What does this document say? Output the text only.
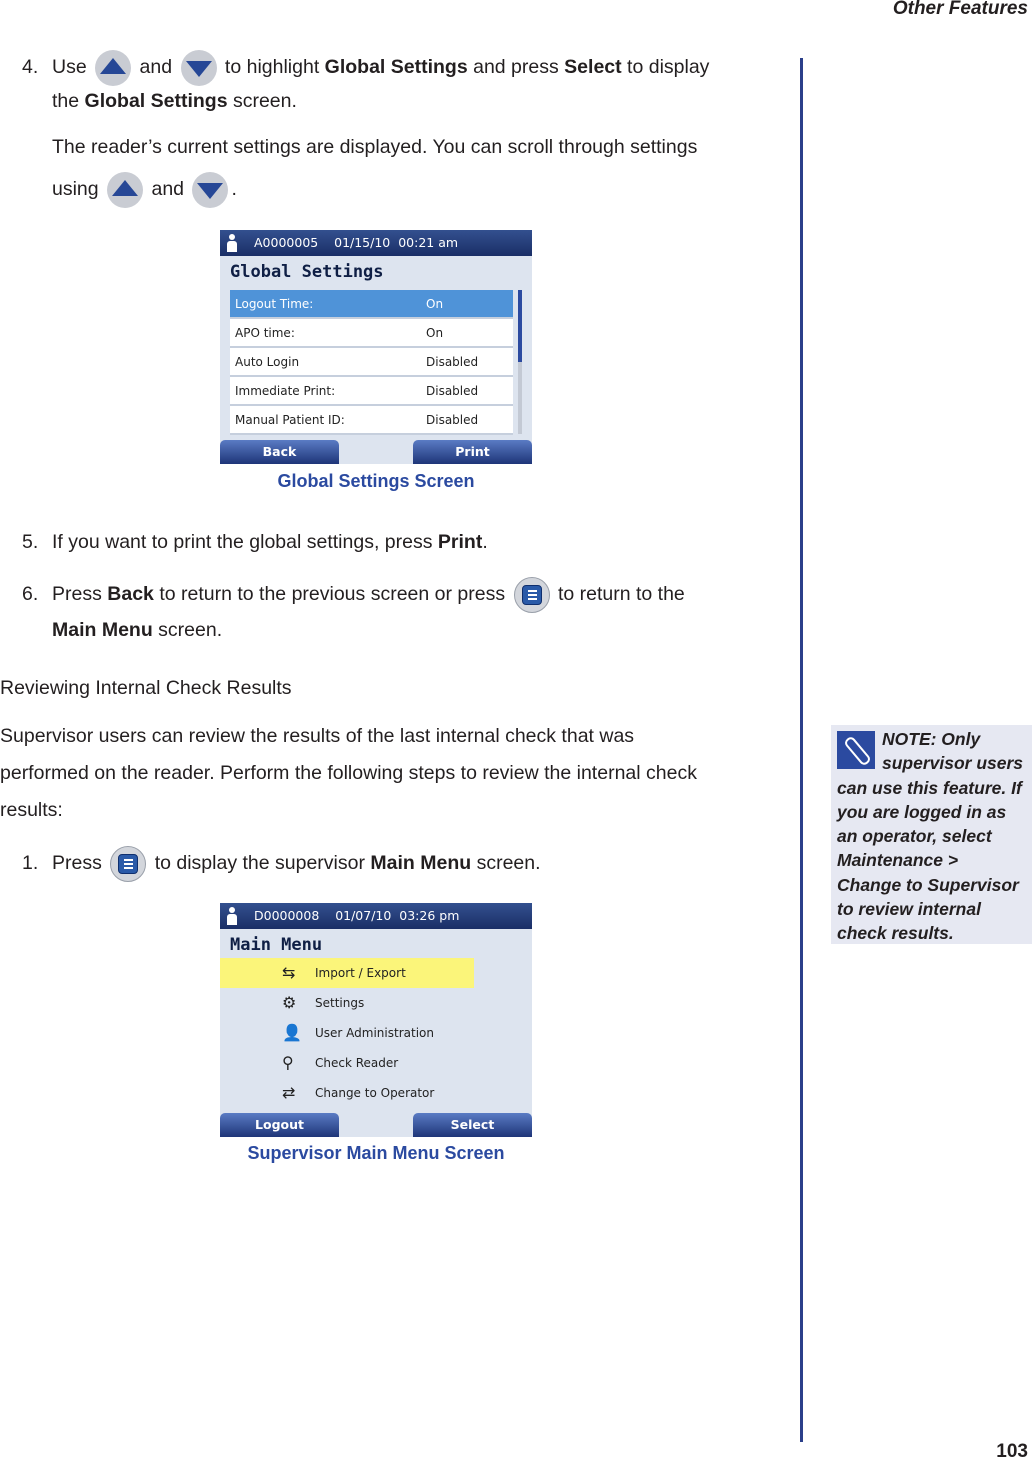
Other Features
4. Use	and	to highlight Global Settings and press Select to display
the Global Settings screen.
The reader’s current settings are displayed. You can scroll through settings
using	and .
A0000005    01/15/10  00:21 am
Global Settings
Logout Time:	On
APO time:	On
Auto Login	Disabled
Immediate Print:	Disabled
Manual Patient ID:	Disabled
Back	Print
Global Settings Screen
5. If you want to print the global settings, press Print.
6. Press Back to return to the previous screen or press	to return to the
Main Menu screen.
Reviewing Internal Check Results
Supervisor users can review the results of the last internal check that was
performed on the reader. Perform the following steps to review the internal check
results:
1. Press	to display the supervisor Main Menu screen.
D0000008    01/07/10  03:26 pm
Main Menu
⇆	Import / Export
⚙	Settings
👤 User Administration
⚲	Check Reader
⇄	Change to Operator
Logout	Select
Supervisor Main Menu Screen
NOTE: Only
supervisor users
can use this feature. If
you are logged in as
an operator, select
Maintenance >
Change to Supervisor
to review internal
check results.
103
